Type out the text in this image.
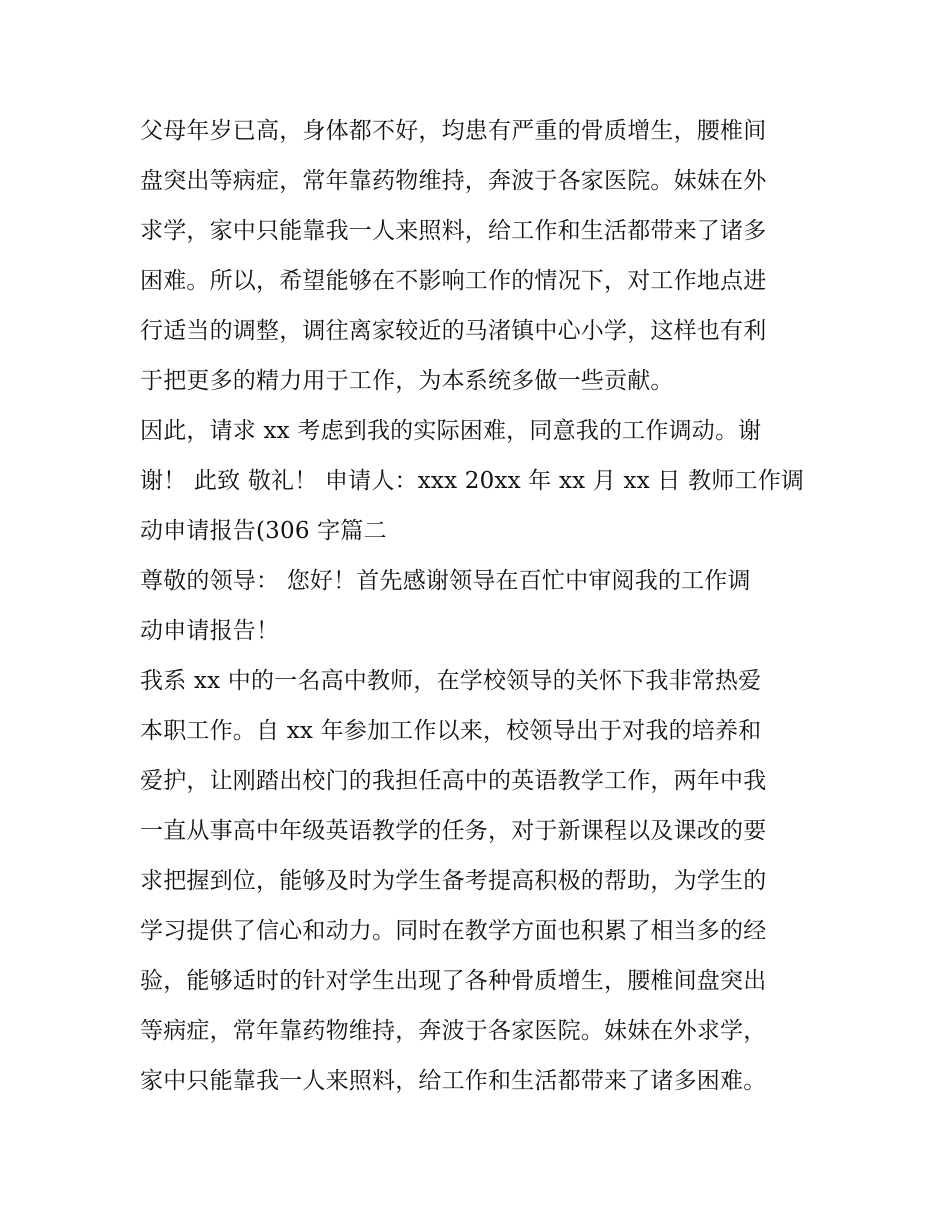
父母年岁已高，身体都不好，均患有严重的骨质增生，腰椎间
盘突出等病症，常年靠药物维持，奔波于各家医院。妹妹在外
求学，家中只能靠我一人来照料，给工作和生活都带来了诸多
困难。所以，希望能够在不影响工作的情况下，对工作地点进
行适当的调整，调往离家较近的马渚镇中心小学，这样也有利
于把更多的精力用于工作，为本系统多做一些贡献。
因此，请求 xx 考虑到我的实际困难，同意我的工作调动。谢
谢！ 此致 敬礼！ 申请人：xxx 20xx 年 xx 月 xx 日 教师工作调
动申请报告(306 字篇二
尊敬的领导： 您好！首先感谢领导在百忙中审阅我的工作调
动申请报告！
我系 xx 中的一名高中教师，在学校领导的关怀下我非常热爱
本职工作。自 xx 年参加工作以来，校领导出于对我的培养和
爱护，让刚踏出校门的我担任高中的英语教学工作，两年中我
一直从事高中年级英语教学的任务，对于新课程以及课改的要
求把握到位，能够及时为学生备考提高积极的帮助，为学生的
学习提供了信心和动力。同时在教学方面也积累了相当多的经
验，能够适时的针对学生出现了各种骨质增生，腰椎间盘突出
等病症，常年靠药物维持，奔波于各家医院。妹妹在外求学，
家中只能靠我一人来照料，给工作和生活都带来了诸多困难。
